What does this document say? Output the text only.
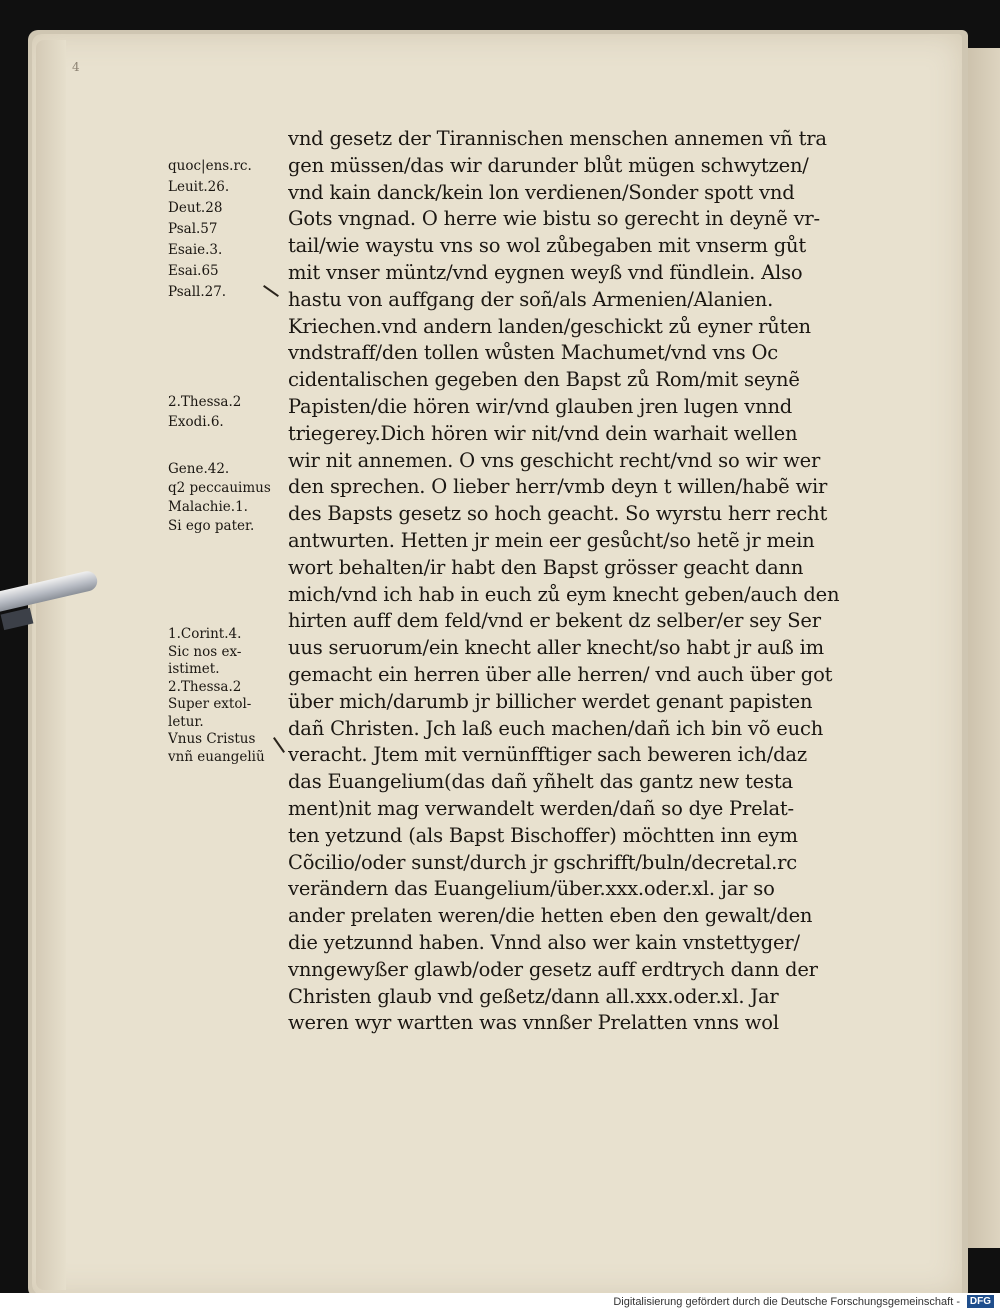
4
quoc|ens.rc.
Leuit.26.
Deut.28
Psal.57
Esaie.3.
Esai.65
Psall.27.
2.Thessa.2
Exodi.6.
Gene.42.
q2 peccauimus
Malachie.1.
Si ego pater.
1.Corint.4.
Sic nos ex-
istimet.
2.Thessa.2
Super extol-
letur.
Vnus Cristus
vnñ euangeliũ
vnd gesetz der Tirannischen menschen annemen vñ tra
gen müssen/das wir darunder blůt mügen schwytzen/
vnd kain danck/kein lon verdienen/Sonder spott vnd
Gots vngnad. O herre wie bistu so gerecht in deynẽ vr-
tail/wie waystu vns so wol zůbegaben mit vnserm gůt
mit vnser müntz/vnd eygnen weyß vnd fündlein. Also
hastu von auffgang der soñ/als Armenien/Alanien.
Kriechen.vnd andern landen/geschickt zů eyner růten
vndstraff/den tollen wůsten Machumet/vnd vns Oc
cidentalischen gegeben den Bapst zů Rom/mit seynẽ
Papisten/die hören wir/vnd glauben jren lugen vnnd
triegerey.Dich hören wir nit/vnd dein warhait wellen
wir nit annemen. O vns geschicht recht/vnd so wir wer
den sprechen. O lieber herr/vmb deyn t willen/habẽ wir
des Bapsts gesetz so hoch geacht. So wyrstu herr recht
antwurten. Hetten jr mein eer gesůcht/so hetẽ jr mein
wort behalten/ir habt den Bapst grösser geacht dann
mich/vnd ich hab in euch zů eym knecht geben/auch den
hirten auff dem feld/vnd er bekent dz selber/er sey Ser
uus seruorum/ein knecht aller knecht/so habt jr auß im
gemacht ein herren über alle herren/ vnd auch über got
über mich/darumb jr billicher werdet genant papisten
dañ Christen. Jch laß euch machen/dañ ich bin võ euch
veracht. Jtem mit vernünfftiger sach beweren ich/daz
das Euangelium(das dañ yñhelt das gantz new testa
ment)nit mag verwandelt werden/dañ so dye Prelat-
ten yetzund (als Bapst Bischoffer) möchtten inn eym
Cõcilio/oder sunst/durch jr gschrifft/buln/decretal.rc
verändern das Euangelium/über.xxx.oder.xl. jar so
ander prelaten weren/die hetten eben den gewalt/den
die yetzunnd haben. Vnnd also wer kain vnstettyger/
vnngewyßer glawb/oder gesetz auff erdtrych dann der
Christen glaub vnd geßetz/dann all.xxx.oder.xl. Jar
weren wyr wartten was vnnßer Prelatten vnns wol
Digitalisierung gefördert durch die Deutsche Forschungsgemeinschaft - DFG
